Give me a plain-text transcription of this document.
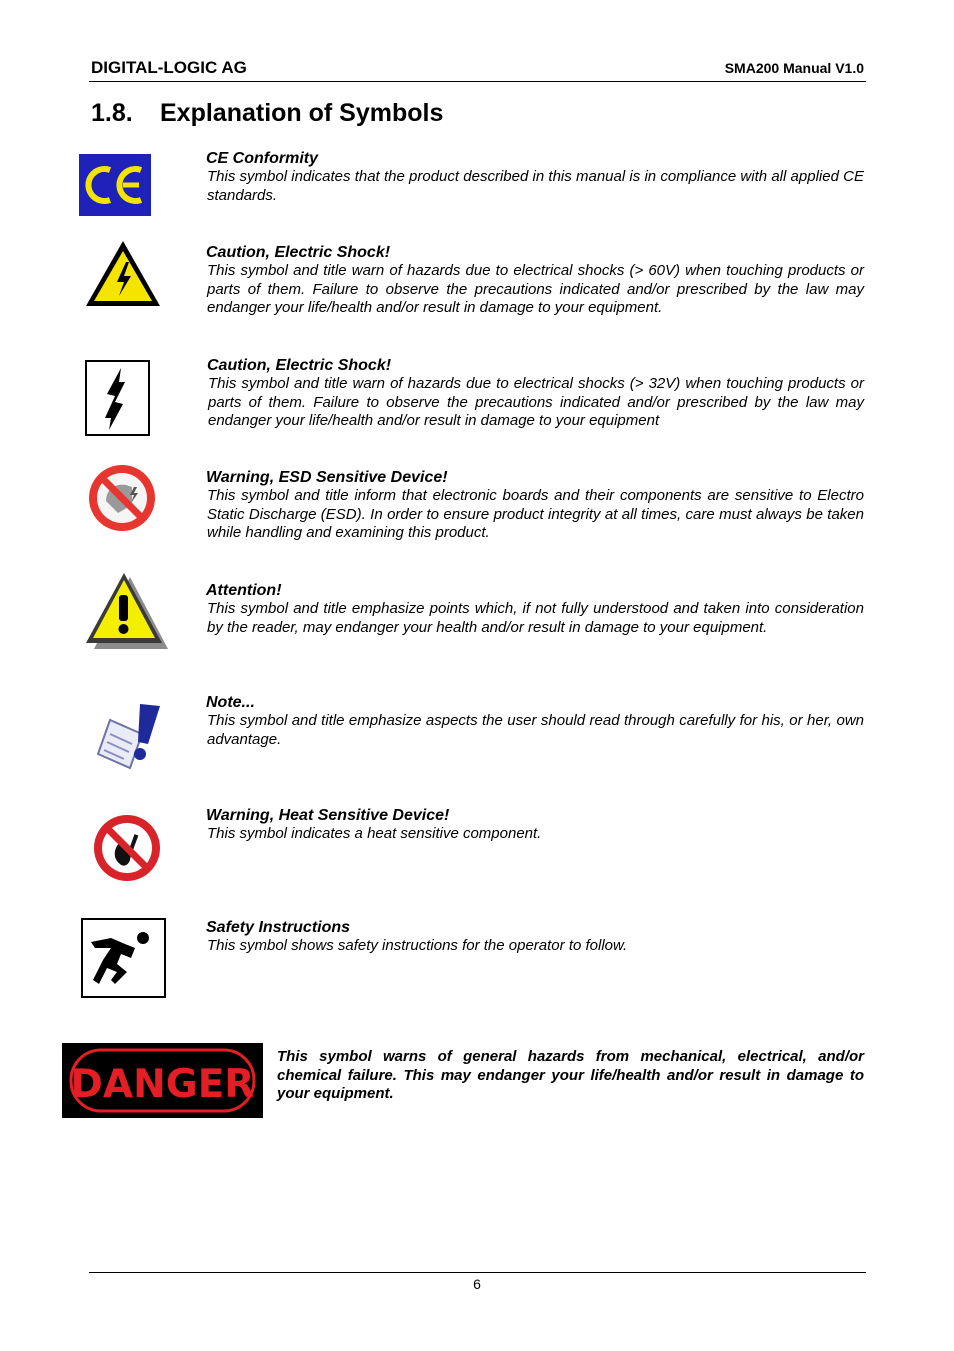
DIGITAL-LOGIC AG	SMA200 Manual V1.0
1.8. Explanation of Symbols
CE Conformity
This symbol indicates that the product described in this manual is in compliance with all applied CE standards.
Caution, Electric Shock!
This symbol and title warn of hazards due to electrical shocks (> 60V) when touching products or parts of them. Failure to observe the precautions indicated and/or prescribed by the law may endanger your life/health and/or result in damage to your equipment.
Caution, Electric Shock!
This symbol and title warn of hazards due to electrical shocks (> 32V) when touching products or parts of them. Failure to observe the precautions indicated and/or prescribed by the law may endanger your life/health and/or result in damage to your equipment
Warning, ESD Sensitive Device!
This symbol and title inform that electronic boards and their components are sensitive to Electro Static Discharge (ESD). In order to ensure product integrity at all times, care must always be taken while handling and examining this product.
Attention!
This symbol and title emphasize points which, if not fully understood and taken into consideration by the reader, may endanger your health and/or result in damage to your equipment.
Note...
This symbol and title emphasize aspects the user should read through carefully for his, or her, own advantage.
Warning, Heat Sensitive Device!
This symbol indicates a heat sensitive component.
Safety Instructions
This symbol shows safety instructions for the operator to follow.
DANGER
This symbol warns of general hazards from mechanical, electrical, and/or chemical failure. This may endanger your life/health and/or result in damage to your equipment.
6
